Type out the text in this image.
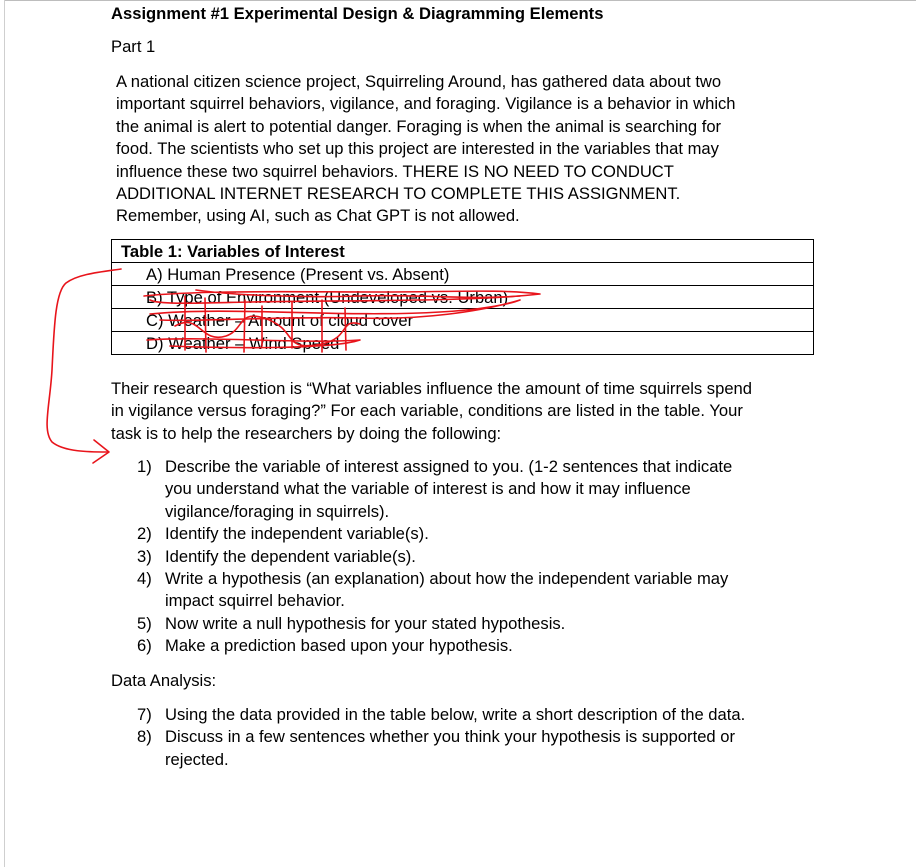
Assignment #1 Experimental Design & Diagramming Elements

Part 1

A national citizen science project, Squirreling Around, has gathered data about two
important squirrel behaviors, vigilance, and foraging. Vigilance is a behavior in which
the animal is alert to potential danger. Foraging is when the animal is searching for
food. The scientists who set up this project are interested in the variables that may
influence these two squirrel behaviors. THERE IS NO NEED TO CONDUCT
ADDITIONAL INTERNET RESEARCH TO COMPLETE THIS ASSIGNMENT.
Remember, using AI, such as Chat GPT is not allowed.
Table 1: Variables of Interest
A) Human Presence (Present vs. Absent)
B) Type of Environment (Undeveloped vs. Urban)
C) Weather – Amount of cloud cover
D) Weather – Wind Speed
Their research question is “What variables influence the amount of time squirrels spend
in vigilance versus foraging?” For each variable, conditions are listed in the table. Your
task is to help the researchers by doing the following:
1) Describe the variable of interest assigned to you. (1-2 sentences that indicate
you understand what the variable of interest is and how it may influence
vigilance/foraging in squirrels).
2) Identify the independent variable(s).
3) Identify the dependent variable(s).
4) Write a hypothesis (an explanation) about how the independent variable may
impact squirrel behavior.
5) Now write a null hypothesis for your stated hypothesis.
6) Make a prediction based upon your hypothesis.

Data Analysis:

7) Using the data provided in the table below, write a short description of the data.
8) Discuss in a few sentences whether you think your hypothesis is supported or
rejected.
